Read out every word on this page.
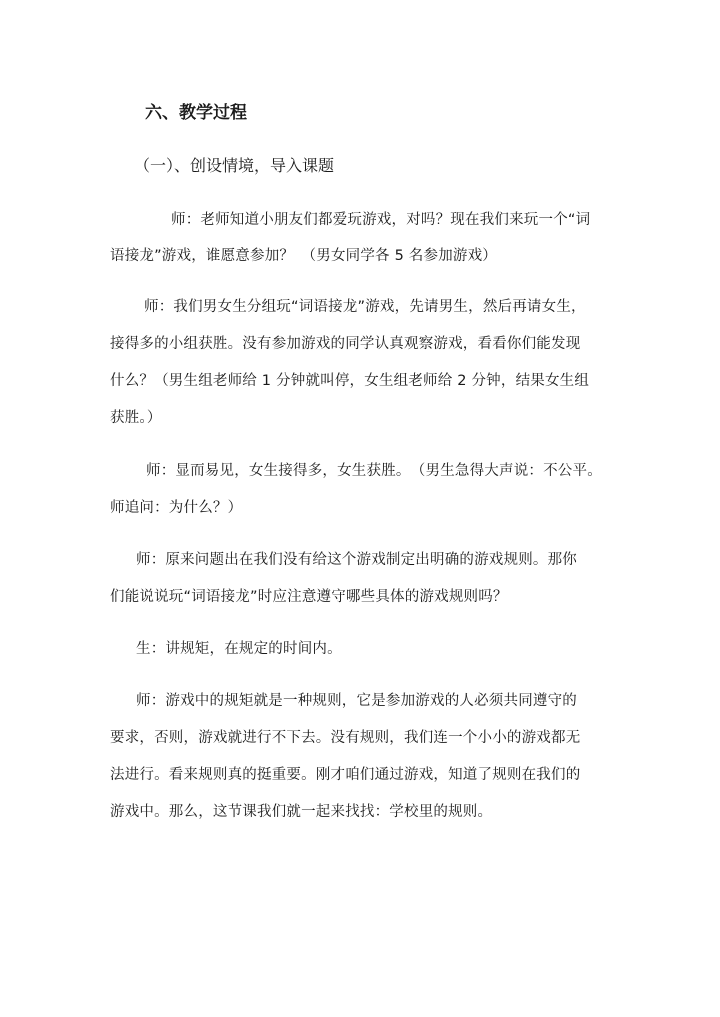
六、教学过程
（一）、创设情境，导入课题
师：老师知道小朋友们都爱玩游戏，对吗？现在我们来玩一个“词
语接龙”游戏，谁愿意参加？　（男女同学各 5 名参加游戏）
师：我们男女生分组玩“词语接龙”游戏，先请男生，然后再请女生，
接得多的小组获胜。没有参加游戏的同学认真观察游戏，看看你们能发现
什么？（男生组老师给 1 分钟就叫停，女生组老师给 2 分钟，结果女生组
获胜。）
师：显而易见，女生接得多，女生获胜。　（男生急得大声说：不公平。
师追问：为什么？）
师：原来问题出在我们没有给这个游戏制定出明确的游戏规则。那你
们能说说玩“词语接龙”时应注意遵守哪些具体的游戏规则吗？
生：讲规矩，在规定的时间内。
师：游戏中的规矩就是一种规则，它是参加游戏的人必须共同遵守的
要求，否则，游戏就进行不下去。没有规则，我们连一个小小的游戏都无
法进行。看来规则真的挺重要。刚才咱们通过游戏，知道了规则在我们的
游戏中。那么，这节课我们就一起来找找：学校里的规则。
